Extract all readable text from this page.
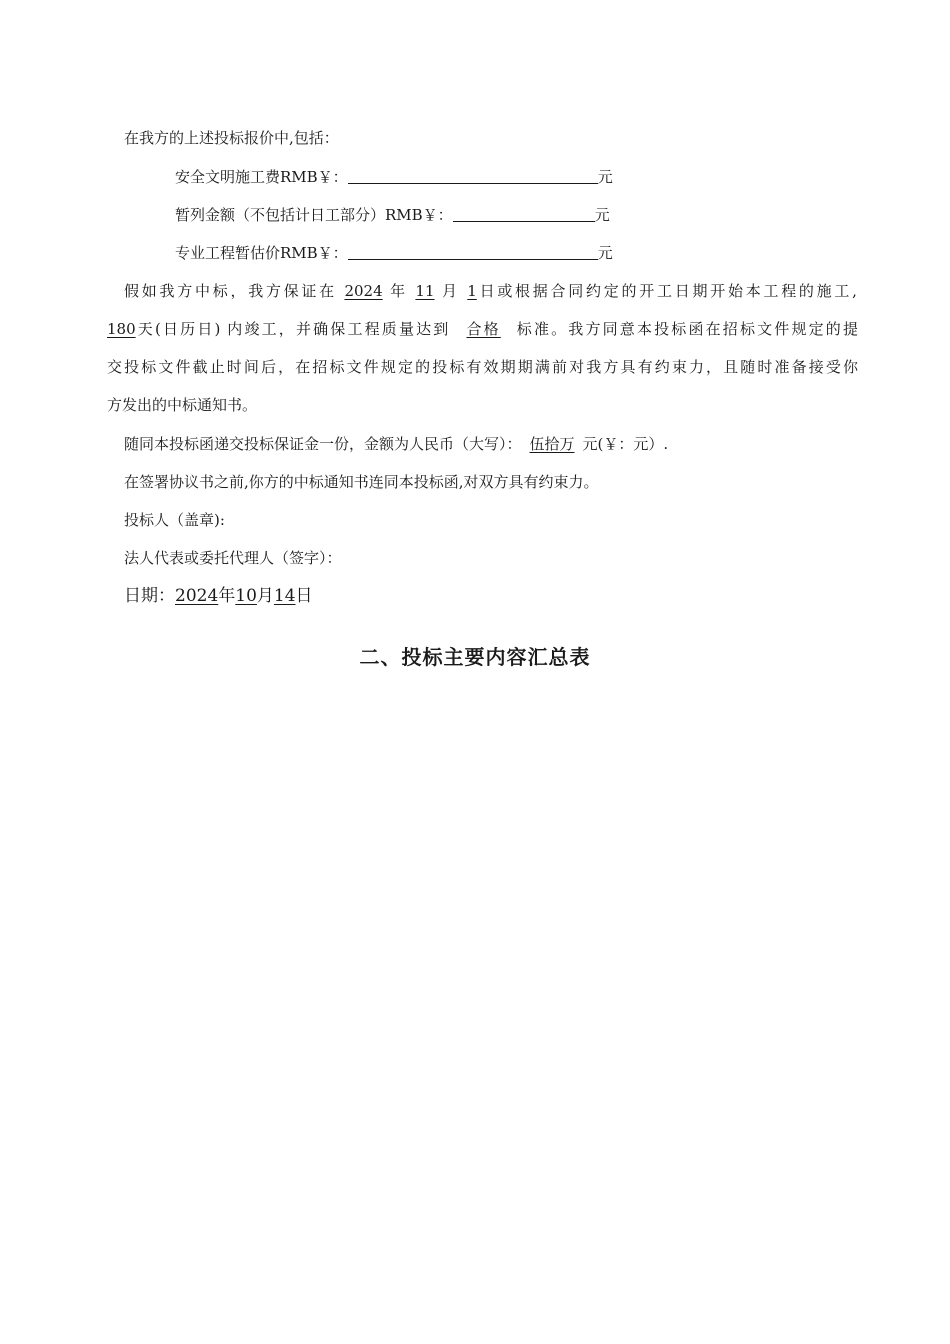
在我方的上述投标报价中,包括：
安全文明施工费RMB￥：	元
暂列金额（不包括计日工部分）RMB￥：	元
专业工程暂估价RMB￥：	元
假如我方中标，我方保证在 2024 年 11 月 1日或根据合同约定的开工日期开始本工程的施工,
180天(日历日) 内竣工，并确保工程质量达到 合格 标准。我方同意本投标函在招标文件规定的提
交投标文件截止时间后，在招标文件规定的投标有效期期满前对我方具有约束力，且随时准备接受你
方发出的中标通知书。
随同本投标函递交投标保证金一份，金额为人民币（大写）： 伍拾万 元(￥：元）.
在签署协议书之前,你方的中标通知书连同本投标函,对双方具有约束力。
投标人（盖章):
法人代表或委托代理人（签字）：
日期：2024年10月14日
二、投标主要内容汇总表
